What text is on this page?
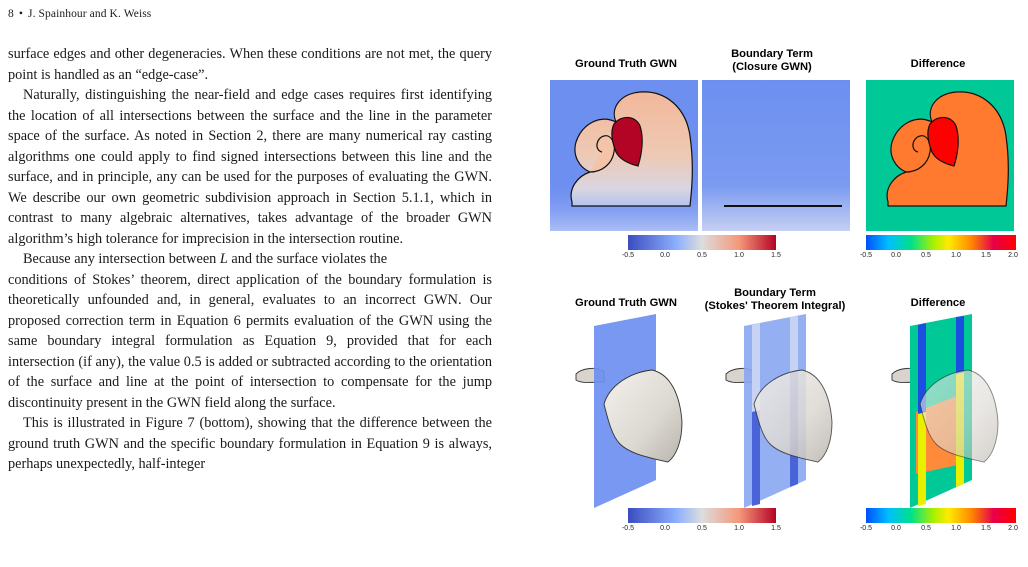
8 • J. Spainhour and K. Weiss

surface edges and other degeneracies. When these conditions are not met, the query point is handled as an “edge-case”.

Naturally, distinguishing the near-field and edge cases requires first identifying the location of all intersections between the surface and the line in the parameter space of the surface. As noted in Section 2, there are many numerical ray casting algorithms one could apply to find signed intersections between this line and the surface, and in principle, any can be used for the purposes of evaluating the GWN. We describe our own geometric subdivision approach in Section 5.1.1, which in contrast to many algebraic alternatives, takes advantage of the broader GWN algorithm’s high tolerance for imprecision in the intersection routine.

Because any intersection between L and the surface violates the

conditions of Stokes’ theorem, direct application of the boundary formulation is theoretically unfounded and, in general, evaluates to an incorrect GWN. Our proposed correction term in Equation 6 permits evaluation of the GWN using the same boundary integral formulation as Equation 9, provided that for each intersection (if any), the value 0.5 is added or subtracted according to the orientation of the surface and line at the point of intersection to compensate for the jump discontinuity present in the GWN field along the surface.

This is illustrated in Figure 7 (bottom), showing that the difference between the ground truth GWN and the specific boundary formulation in Equation 9 is always, perhaps unexpectedly, half-integer

Ground Truth GWN
Boundary Term
(Closure GWN)	Difference
-0.5	0.0	0.5	1.0	1.5	-0.5	0.0	0.5	1.0	1.5 2.0
Ground Truth GWN
Boundary Term
(Stokes' Theorem Integral)	Difference
-0.5	0.0	0.5	1.0	1.5	-0.5	0.0	0.5	1.0	1.5 2.0
